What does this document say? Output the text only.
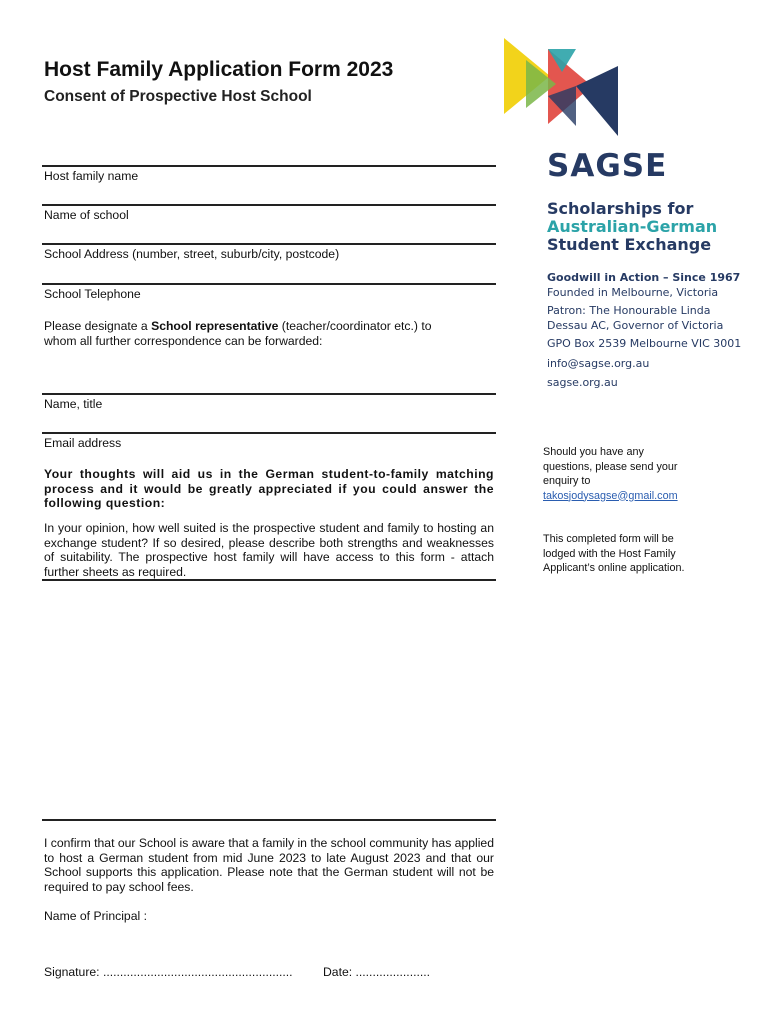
Host Family Application Form 2023
Consent of Prospective Host School
Host family name
Name of school
School Address (number, street, suburb/city, postcode)
School Telephone
Please designate a School representative (teacher/coordinator etc.) to whom all further correspondence can be forwarded:
Name, title
Email address
Your thoughts will aid us in the German student-to-family matching process and it would be greatly appreciated if you could answer the following question:
In your opinion, how well suited is the prospective student and family to hosting an exchange student? If so desired, please describe both strengths and weaknesses of suitability. The prospective host family will have access to this form - attach further sheets as required.
I confirm that our School is aware that a family in the school community has applied to host a German student from mid June 2023 to late August 2023 and that our School supports this application. Please note that the German student will not be required to pay school fees.
Name of Principal :
Signature: ........................................................ Date: ......................
SAGSE
Scholarships for
Australian-German
Student Exchange
Goodwill in Action – Since 1967
Founded in Melbourne, Victoria
Patron: The Honourable Linda
Dessau AC, Governor of Victoria
GPO Box 2539 Melbourne VIC 3001
info@sagse.org.au
sagse.org.au
Should you have any questions, please send your enquiry to
takosjodysagse@gmail.com
This completed form will be lodged with the Host Family Applicant’s online application.
